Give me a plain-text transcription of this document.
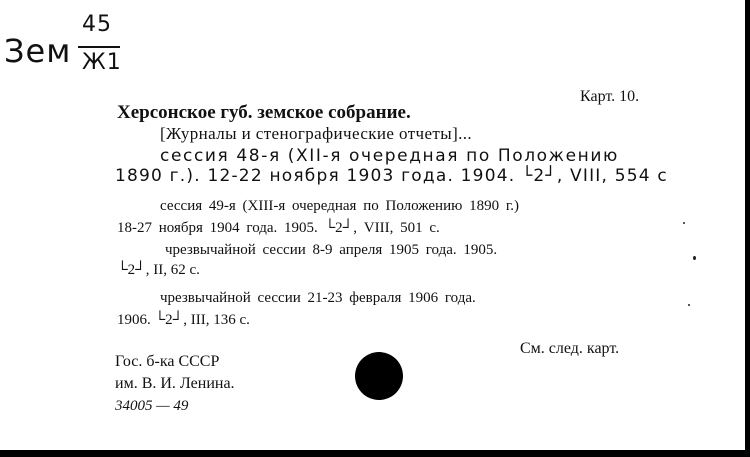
Зем
45
Ж1
Карт. 10.
Херсонское губ. земское собрание.
[Журналы и стенографические отчеты]...
сессия 48-я (XII-я очередная по Положению
1890 г.). 12-22 ноября 1903 года. 1904. └2┘, VIII, 554 с
сессия 49-я (XIII-я очередная по Положению 1890 г.)
18-27 ноября 1904 года. 1905. └2┘, VIII, 501 с.
чрезвычайной сессии 8-9 апреля 1905 года. 1905.
└2┘, II, 62 с.
чрезвычайной сессии 21-23 февраля 1906 года.
1906. └2┘, III, 136 с.
См. след. карт.
Гос. б-ка СССР
им. В. И. Ленина.
34005 — 49
